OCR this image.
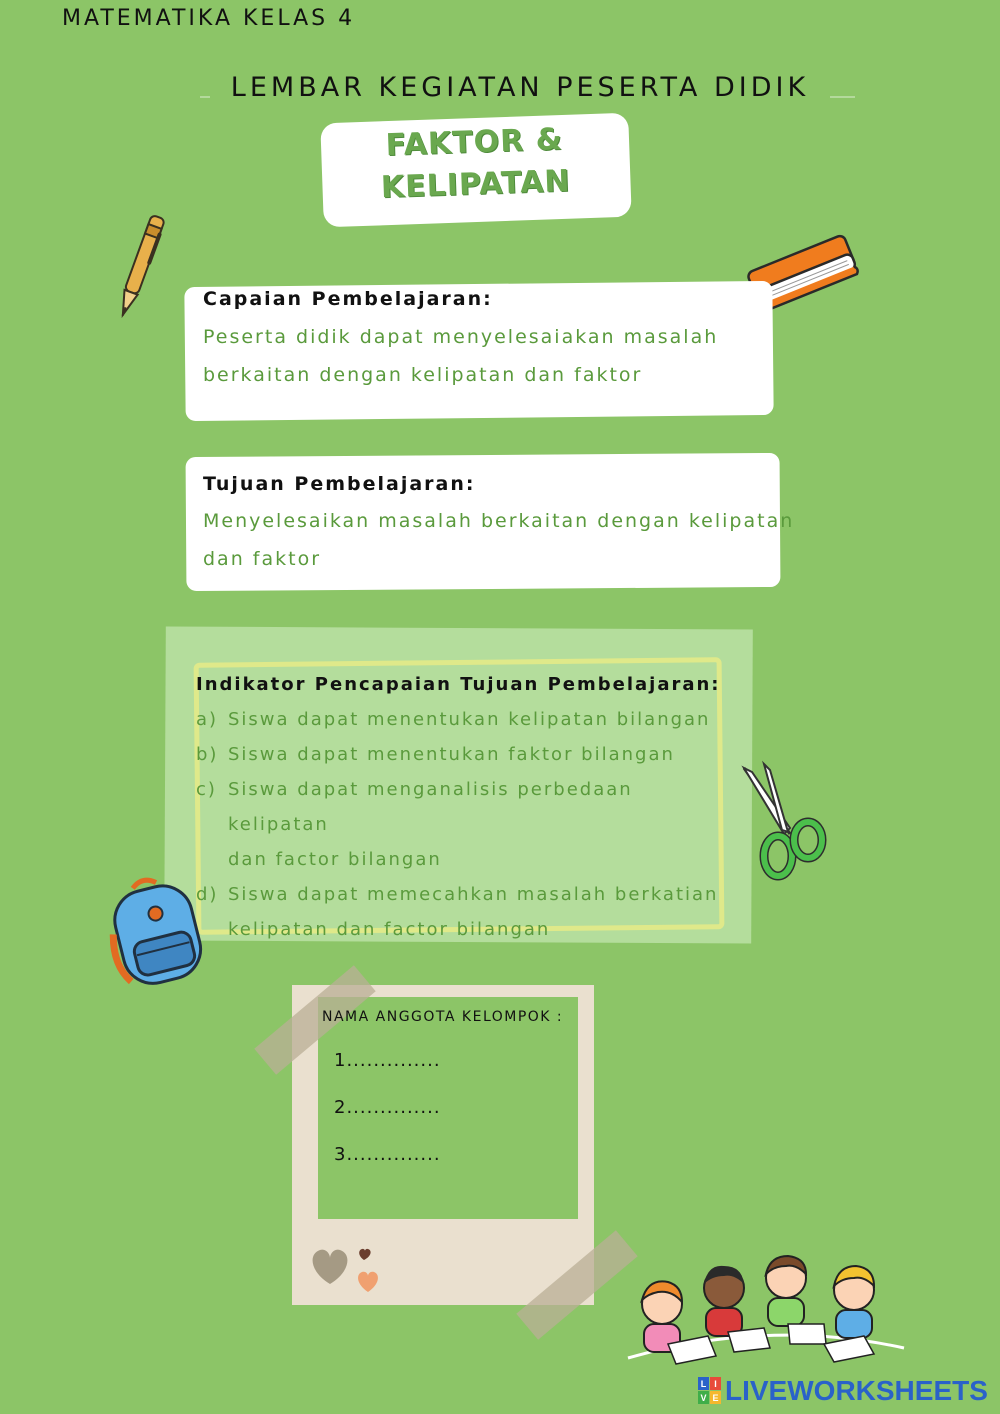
MATEMATIKA KELAS 4
LEMBAR KEGIATAN PESERTA DIDIK
FAKTOR &
KELIPATAN
Capaian Pembelajaran:
Peserta didik dapat menyelesaiakan masalah
berkaitan dengan kelipatan dan faktor
Tujuan Pembelajaran:
Menyelesaikan masalah berkaitan dengan kelipatan
dan faktor
Indikator Pencapaian Tujuan Pembelajaran:
a) Siswa dapat menentukan kelipatan bilangan
b) Siswa dapat menentukan faktor bilangan
c) Siswa dapat menganalisis perbedaan kelipatan
dan factor bilangan
d) Siswa dapat memecahkan masalah berkatian
kelipatan dan factor bilangan
NAMA ANGGOTA KELOMPOK :
1..............
2..............
3..............
L I
V E LIVEWORKSHEETS
